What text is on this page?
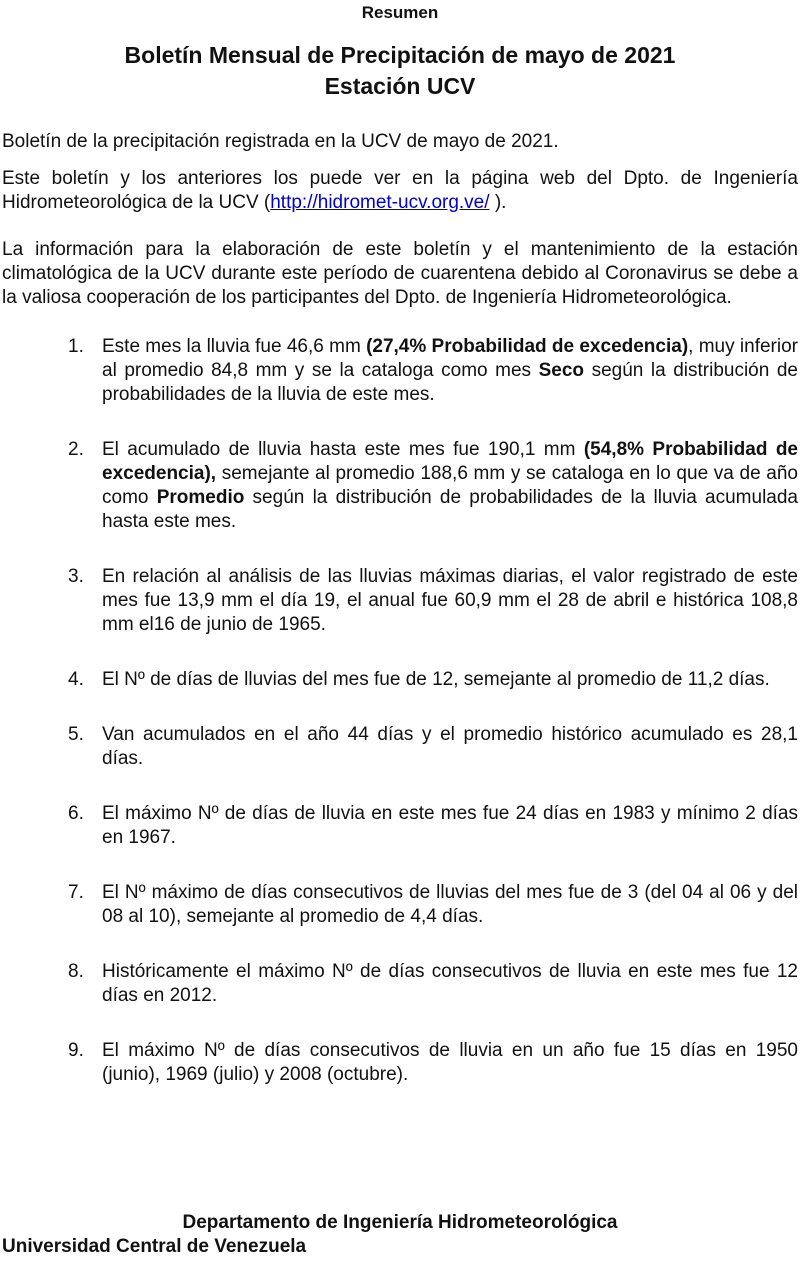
Resumen
Boletín Mensual de Precipitación de mayo de 2021
Estación UCV

Boletín de la precipitación registrada en la UCV de mayo de 2021.

Este boletín y los anteriores los puede ver en la página web del Dpto. de Ingeniería Hidrometeorológica de la UCV (http://hidromet-ucv.org.ve/ ).

La información para la elaboración de este boletín y el mantenimiento de la estación climatológica de la UCV durante este período de cuarentena debido al Coronavirus se debe a la valiosa cooperación de los participantes del Dpto. de Ingeniería Hidrometeorológica.

1. Este mes la lluvia fue 46,6 mm (27,4% Probabilidad de excedencia), muy inferior al promedio 84,8 mm y se la cataloga como mes Seco según la distribución de probabilidades de la lluvia de este mes.
2. El acumulado de lluvia hasta este mes fue 190,1 mm (54,8% Probabilidad de excedencia), semejante al promedio 188,6 mm y se cataloga en lo que va de año como Promedio según la distribución de probabilidades de la lluvia acumulada hasta este mes.
3. En relación al análisis de las lluvias máximas diarias, el valor registrado de este mes fue 13,9 mm el día 19, el anual fue 60,9 mm el 28 de abril e histórica 108,8 mm el16 de junio de 1965.
4. El Nº de días de lluvias del mes fue de 12, semejante al promedio de 11,2 días.
5. Van acumulados en el año 44 días y el promedio histórico acumulado es 28,1 días.
6. El máximo Nº de días de lluvia en este mes fue 24 días en 1983 y mínimo 2 días en 1967.
7. El Nº máximo de días consecutivos de lluvias del mes fue de 3 (del 04 al 06 y del 08 al 10), semejante al promedio de 4,4 días.
8. Históricamente el máximo Nº de días consecutivos de lluvia en este mes fue 12 días en 2012.
9. El máximo Nº de días consecutivos de lluvia en un año fue 15 días en 1950 (junio), 1969 (julio) y 2008 (octubre).
Departamento de Ingeniería Hidrometeorológica
Universidad Central de Venezuela
